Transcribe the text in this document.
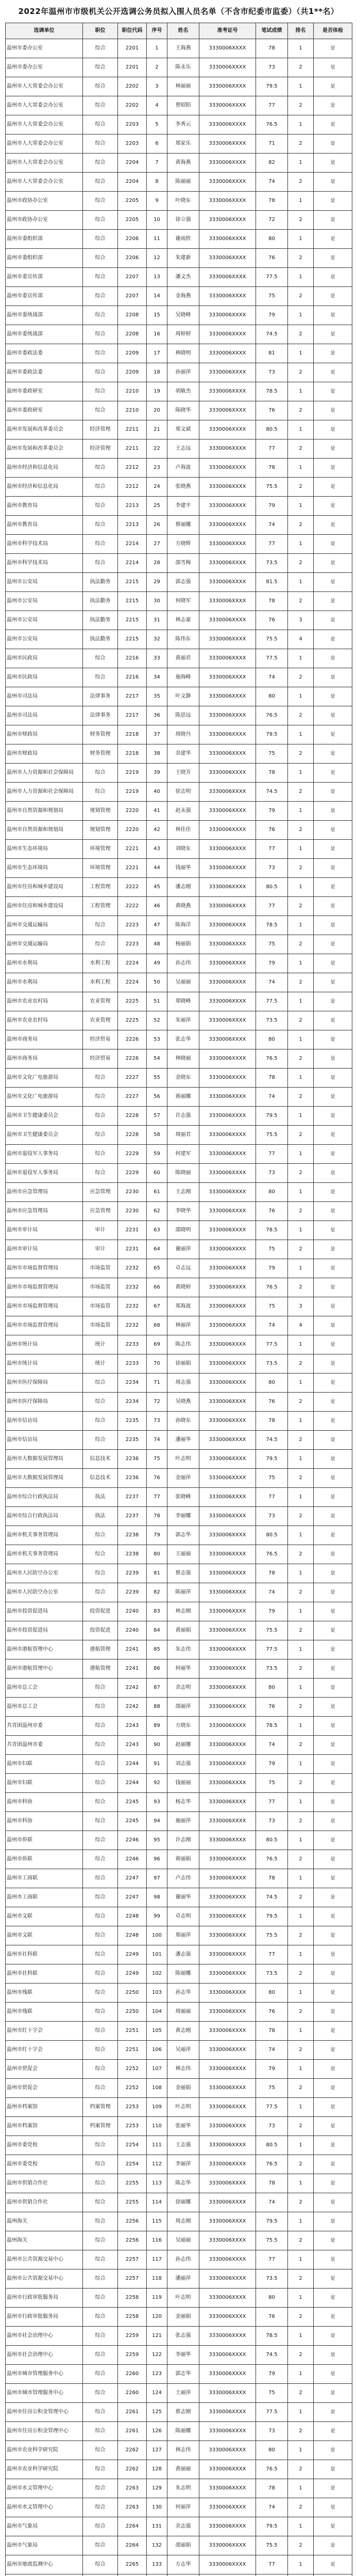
2022年温州市市级机关公开选调公务员拟入围人员名单（不含市纪委市监委）（共1**名）
选调单位	职位	职位代码	序号	姓名	准考证号	笔试成绩	排名	是否体检
温州市委办公室	综合	2201	1	王海燕	3330006XXXX	78	1	是
温州市委办公室	综合	2201	2	陈永乐	3330006XXXX	73	2	是
温州市人大常委会办公室	综合	2202	3	林丽丽	3330006XXXX	79.5	1	是
温州市人大常委会办公室	综合	2202	4	曾昭阳	3330006XXXX	77	2	是
温州市人大常委会办公室	综合	2203	5	李秀云	3330006XXXX	76.5	1	是
温州市人大常委会办公室	综合	2203	6	郑家乐	3330006XXXX	71	2	是
温州市人大常委会办公室	综合	2204	7	黄海燕	3330006XXXX	82	1	是
温州市人大常委会办公室	综合	2204	8	陈丽丽	3330006XXXX	74	2	是
温州市政协办公室	综合	2205	9	叶晓东	3330006XXXX	78	1	是
温州市政协办公室	综合	2205	10	徐立强	3330006XXXX	72	2	是
温州市委组织部	综合	2206	11	谢雨欣	3330006XXXX	80	1	是
温州市委组织部	综合	2206	12	朱建新	3330006XXXX	76	2	是
温州市委宣传部	综合	2207	13	潘文杰	3330006XXXX	77.5	1	是
温州市委宣传部	综合	2207	14	金海燕	3330006XXXX	75	2	是
温州市委统战部	综合	2208	15	吴晓峰	3330006XXXX	79	1	是
温州市委统战部	综合	2208	16	周婷婷	3330006XXXX	74.5	2	是
温州市委政法委	综合	2209	17	林晓明	3330006XXXX	81	1	是
温州市委政法委	综合	2209	18	孙丽萍	3330006XXXX	73	2	是
温州市委政研室	综合	2210	19	胡敏杰	3330006XXXX	78.5	1	是
温州市委政研室	综合	2210	20	陈晓华	3330006XXXX	76	2	是
温州市发展和改革委员会	经济管理	2211	21	郑文斌	3330006XXXX	80.5	1	是
温州市发展和改革委员会	经济管理	2211	22	王志远	3330006XXXX	77	2	是
温州市经济和信息化局	综合	2212	23	卢海波	3330006XXXX	78	1	是
温州市经济和信息化局	综合	2212	24	张晓燕	3330006XXXX	75.5	2	是
温州市教育局	综合	2213	25	李建平	3330006XXXX	79	1	是
温州市教育局	综合	2213	26	蔡丽娜	3330006XXXX	74	2	是
温州市科学技术局	综合	2214	27	方晓辉	3330006XXXX	77	1	是
温州市科学技术局	综合	2214	28	邵雪梅	3330006XXXX	73.5	2	是
温州市公安局	执法勤务	2215	29	郭志强	3330006XXXX	81.5	1	是
温州市公安局	执法勤务	2215	30	何晓军	3330006XXXX	78	2	是
温州市公安局	执法勤务	2215	31	林志豪	3330006XXXX	76	3	是
温州市公安局	执法勤务	2215	32	陈伟东	3330006XXXX	75.5	4	是
温州市民政局	综合	2216	33	黄丽君	3330006XXXX	77.5	1	是
温州市民政局	综合	2216	34	施海峰	3330006XXXX	74	2	是
温州市司法局	法律事务	2217	35	叶文静	3330006XXXX	80	1	是
温州市司法局	法律事务	2217	36	陈思远	3330006XXXX	76.5	2	是
温州市财政局	财务管理	2218	37	周晓丹	3330006XXXX	79.5	1	是
温州市财政局	财务管理	2218	38	余建华	3330006XXXX	75	2	是
温州市人力资源和社会保障局	综合	2219	39	王晓芳	3330006XXXX	78	1	是
温州市人力资源和社会保障局	综合	2219	40	徐志明	3330006XXXX	74.5	2	是
温州市自然资源和规划局	规划管理	2220	41	赵永强	3330006XXXX	79	1	是
温州市自然资源和规划局	规划管理	2220	42	林佳佳	3330006XXXX	76	2	是
温州市生态环境局	环境管理	2221	43	刘晓东	3330006XXXX	77	1	是
温州市生态环境局	环境管理	2221	44	钱丽华	3330006XXXX	73	2	是
温州市住房和城乡建设局	工程管理	2222	45	潘志刚	3330006XXXX	80.5	1	是
温州市住房和城乡建设局	工程管理	2222	46	黄晓燕	3330006XXXX	77	2	是
温州市交通运输局	综合	2223	47	陈海洋	3330006XXXX	78.5	1	是
温州市交通运输局	综合	2223	48	杨丽娟	3330006XXXX	75	2	是
温州市水利局	水利工程	2224	49	孙志伟	3330006XXXX	79	1	是
温州市水利局	水利工程	2224	50	吴丽丽	3330006XXXX	74	2	是
温州市农业农村局	农业管理	2225	51	郑晓峰	3330006XXXX	77.5	1	是
温州市农业农村局	农业管理	2225	52	朱丽萍	3330006XXXX	73.5	2	是
温州市商务局	经济贸易	2226	53	张志华	3330006XXXX	80	1	是
温州市商务局	经济贸易	2226	54	林晓丽	3330006XXXX	76.5	2	是
温州市文化广电旅游局	综合	2227	55	金晓东	3330006XXXX	78	1	是
温州市文化广电旅游局	综合	2227	56	蒋丽娜	3330006XXXX	74	2	是
温州市卫生健康委员会	综合	2228	57	许志强	3330006XXXX	79.5	1	是
温州市卫生健康委员会	综合	2228	58	周丽君	3330006XXXX	75.5	2	是
温州市退役军人事务局	综合	2229	59	何建军	3330006XXXX	77	1	是
温州市退役军人事务局	综合	2229	60	陈晓丽	3330006XXXX	73	2	是
温州市应急管理局	应急管理	2230	61	王志刚	3330006XXXX	80	1	是
温州市应急管理局	应急管理	2230	62	李晓华	3330006XXXX	76	2	是
温州市审计局	审计	2231	63	邵晓明	3330006XXXX	78.5	1	是
温州市审计局	审计	2231	64	谢丽萍	3330006XXXX	75	2	是
温州市市场监督管理局	市场监管	2232	65	卓志远	3330006XXXX	79	1	是
温州市市场监督管理局	市场监管	2232	66	黄晓婷	3330006XXXX	76.5	2	是
温州市市场监督管理局	市场监管	2232	67	郑海波	3330006XXXX	75	3	是
温州市市场监督管理局	市场监管	2232	68	林丽萍	3330006XXXX	74	4	是
温州市统计局	统计	2233	69	陈志伟	3330006XXXX	77.5	1	是
温州市统计局	统计	2233	70	徐丽娟	3330006XXXX	73.5	2	是
温州市医疗保障局	综合	2234	71	周志强	3330006XXXX	80	1	是
温州市医疗保障局	综合	2234	72	吴晓燕	3330006XXXX	76	2	是
温州市信访局	综合	2235	73	孙晓东	3330006XXXX	78	1	是
温州市信访局	综合	2235	74	潘丽华	3330006XXXX	74.5	2	是
温州市大数据发展管理局	信息技术	2236	75	叶志明	3330006XXXX	79.5	1	是
温州市大数据发展管理局	信息技术	2236	76	金丽萍	3330006XXXX	75	2	是
温州市综合行政执法局	执法	2237	77	张晓峰	3330006XXXX	77	1	是
温州市综合行政执法局	执法	2237	78	李丽娜	3330006XXXX	73	2	是
温州市机关事务管理局	综合	2238	79	郭志华	3330006XXXX	80.5	1	是
温州市机关事务管理局	综合	2238	80	王丽丽	3330006XXXX	76.5	2	是
温州市人民防空办公室	综合	2239	81	蔡志强	3330006XXXX	78	1	是
温州市人民防空办公室	综合	2239	82	陈丽萍	3330006XXXX	74	2	是
温州市投资促进局	投资促进	2240	83	林志刚	3330006XXXX	79	1	是
温州市投资促进局	投资促进	2240	84	黄丽娟	3330006XXXX	75.5	2	是
温州市港航管理中心	港航管理	2241	85	朱志伟	3330006XXXX	77.5	1	是
温州市港航管理中心	港航管理	2241	86	何丽华	3330006XXXX	73.5	2	是
温州市总工会	综合	2242	87	余志明	3330006XXXX	80	1	是
温州市总工会	综合	2242	88	邵丽萍	3330006XXXX	76	2	是
共青团温州市委	综合	2243	89	方晓东	3330006XXXX	78.5	1	是
共青团温州市委	综合	2243	90	赵丽娜	3330006XXXX	74	2	是
温州市妇联	综合	2244	91	刘志强	3330006XXXX	79	1	是
温州市妇联	综合	2244	92	钱丽丽	3330006XXXX	75	2	是
温州市科协	综合	2245	93	杨志华	3330006XXXX	77	1	是
温州市科协	综合	2245	94	施丽萍	3330006XXXX	73	2	是
温州市侨联	综合	2246	95	许志刚	3330006XXXX	80.5	1	是
温州市侨联	综合	2246	96	蒋丽娟	3330006XXXX	76.5	2	是
温州市工商联	综合	2247	97	卢志伟	3330006XXXX	78	1	是
温州市工商联	综合	2247	98	谢丽华	3330006XXXX	74.5	2	是
温州市文联	综合	2248	99	卓志明	3330006XXXX	79.5	1	是
温州市文联	综合	2248	100	郑丽萍	3330006XXXX	75.5	2	是
温州市社科联	综合	2249	101	潘志强	3330006XXXX	77	1	是
温州市社科联	综合	2249	102	陈丽娜	3330006XXXX	73.5	2	是
温州市残联	综合	2250	103	孙志华	3330006XXXX	80	1	是
温州市残联	综合	2250	104	周丽丽	3330006XXXX	76	2	是
温州市红十字会	综合	2251	105	黄志刚	3330006XXXX	78	1	是
温州市红十字会	综合	2251	106	吴丽萍	3330006XXXX	74	2	是
温州市贸促会	综合	2252	107	林志伟	3330006XXXX	79	1	是
温州市贸促会	综合	2252	108	金丽娟	3330006XXXX	75	2	是
温州市档案馆	档案管理	2253	109	叶志明	3330006XXXX	77.5	1	是
温州市档案馆	档案管理	2253	110	张丽华	3330006XXXX	73	2	是
温州市委党校	综合	2254	111	王志强	3330006XXXX	80.5	1	是
温州市委党校	综合	2254	112	李丽萍	3330006XXXX	76.5	2	是
温州市供销合作社	综合	2255	113	陈志华	3330006XXXX	78	1	是
温州市供销合作社	综合	2255	114	徐丽娜	3330006XXXX	74	2	是
温州海关	综合	2256	115	周志刚	3330006XXXX	79.5	1	是
温州海关	综合	2256	116	吴丽丽	3330006XXXX	75.5	2	是
温州市公共资源交易中心	综合	2257	117	孙志伟	3330006XXXX	77	1	是
温州市公共资源交易中心	综合	2257	118	潘丽萍	3330006XXXX	73.5	2	是
温州市行政审批服务局	综合	2258	119	叶志明	3330006XXXX	80	1	是
温州市行政审批服务局	综合	2258	120	金丽娟	3330006XXXX	76	2	是
温州市社会治理中心	综合	2259	121	张志强	3330006XXXX	78.5	1	是
温州市社会治理中心	综合	2259	122	李丽华	3330006XXXX	74.5	2	是
温州市城市管理服务中心	综合	2260	123	郭志华	3330006XXXX	79	1	是
温州市城市管理服务中心	综合	2260	124	王丽萍	3330006XXXX	75	2	是
温州市住房公积金管理中心	综合	2261	125	蔡志刚	3330006XXXX	77.5	1	是
温州市住房公积金管理中心	综合	2261	126	陈丽娜	3330006XXXX	73	2	是
温州市农业科学研究院	综合	2262	127	林志伟	3330006XXXX	80	1	是
温州市农业科学研究院	综合	2262	128	黄丽丽	3330006XXXX	76.5	2	是
温州市水文管理中心	综合	2263	129	朱志明	3330006XXXX	78	1	是
温州市水文管理中心	综合	2263	130	何丽萍	3330006XXXX	74	2	是
温州市气象局	综合	2264	131	余志强	3330006XXXX	79.5	1	是
温州市气象局	综合	2264	132	邵丽娟	3330006XXXX	75.5	2	是
温州市地震监测中心	综合	2265	133	方志华	3330006XXXX	77	1	是
